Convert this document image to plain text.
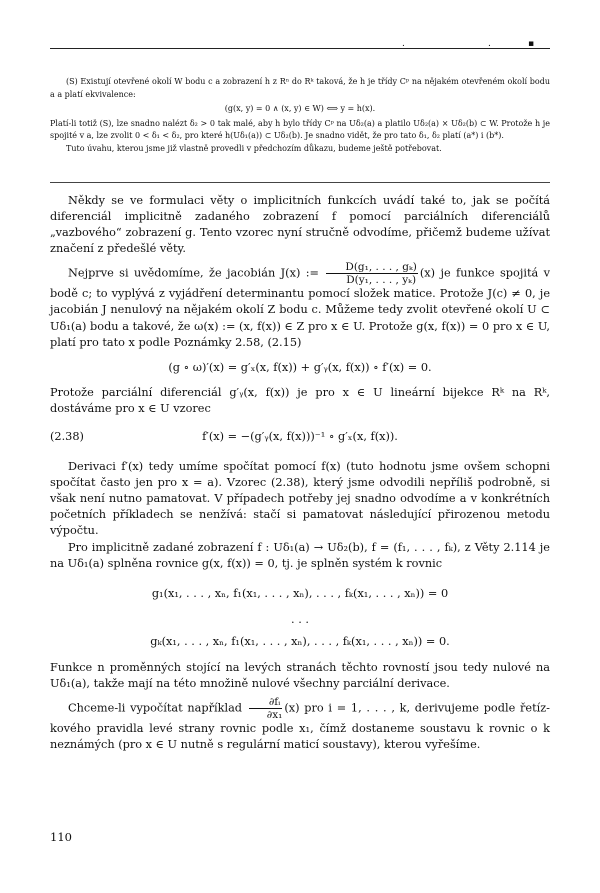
.	.	▪

(S) Existují otevřené okolí W bodu c a zobrazení h z Rⁿ do Rᵏ taková, že h je třídy Cᵖ na nějakém otevřeném okolí bodu a a platí ekvivalence:

(g(x, y) = 0 ∧ (x, y) ∈ W) ⟺ y = h(x).

Platí-li totiž (S), lze snadno nalézt δ₂ > 0 tak malé, aby h bylo třídy Cᵖ na Uδ₂(a) a platilo Uδ₂(a) × Uδ₂(b) ⊂ W. Protože h je spojité v a, lze zvolit 0 < δ₁ < δ₂, pro které h(Uδ₁(a)) ⊂ Uδ₂(b). Je snadno vidět, že pro tato δ₁, δ₂ platí (a*) i (b*).

Tuto úvahu, kterou jsme již vlastně provedli v předchozím důkazu, budeme ještě potřebovat.

Někdy se ve formulaci věty o implicitních funkcích uvádí také to, jak se počítá diferenciál implicitně zadaného zobrazení f pomocí parciálních diferenciálů „vazbového“ zobrazení g. Tento vzorec nyní stručně odvodíme, přičemž budeme užívat značení z předešlé věty.

Nejprve si uvědomíme, že jacobián J(x) := $\frac{\text{D(g₁, . . . , gₖ)}}{\text{D(y₁, . . . , yₖ)}} (x)$ je funkce spojitá v bodě c; to vyplývá z vyjádření determinantu pomocí složek matice. Protože J(c) ≠ 0, je jacobián J nenulový na nějakém okolí Z bodu c. Můžeme tedy zvolit otevřené okolí U ⊂ Uδ₁(a) bodu a takové, že ω(x) := (x, f(x)) ∈ Z pro x ∈ U. Protože g(x, f(x)) = 0 pro x ∈ U, platí pro tato x podle Poznámky 2.58, (2.15)

(g ∘ ω)′(x) = g′ₓ(x, f(x)) + g′ᵧ(x, f(x)) ∘ f′(x) = 0.

Protože parciální diferenciál g′ᵧ(x, f(x)) je pro x ∈ U lineární bijekce Rᵏ na Rᵏ, dostáváme pro x ∈ U vzorec

(2.38)	f′(x) = −(g′ᵧ(x, f(x)))⁻¹ ∘ g′ₓ(x, f(x)).

Derivaci f′(x) tedy umíme spočítat pomocí f(x) (tuto hodnotu jsme ovšem schopni spočítat často jen pro x = a). Vzorec (2.38), který jsme odvodili nepříliš podrobně, si však není nutno pamatovat. V případech potřeby jej snadno odvodíme a v konkrétních početních příkladech se nenžívá: stačí si pamatovat následující přirozenou metodu výpočtu.

Pro implicitně zadané zobrazení f : Uδ₁(a) → Uδ₂(b), f = (f₁, . . . , fₖ), z Věty 2.114 je na Uδ₁(a) splněna rovnice g(x, f(x)) = 0, tj. je splněn systém k rovnic

g₁(x₁, . . . , xₙ, f₁(x₁, . . . , xₙ), . . . , fₖ(x₁, . . . , xₙ)) = 0

. . .

gₖ(x₁, . . . , xₙ, f₁(x₁, . . . , xₙ), . . . , fₖ(x₁, . . . , xₙ)) = 0.

Funkce n proměnných stojící na levých stranách těchto rovností jsou tedy nulové na Uδ₁(a), takže mají na této množině nulové všechny parciální derivace.

Chceme-li vypočítat například $\frac{\text{∂fᵢ}}{\text{∂x₁}} (x)$ pro i = 1, . . . , k, derivujeme podle řetíz- kového pravidla levé strany rovnic podle x₁, čímž dostaneme soustavu k rovnic o k neznámých (pro x ∈ U nutně s regulární maticí soustavy), kterou vyřešíme.

110
